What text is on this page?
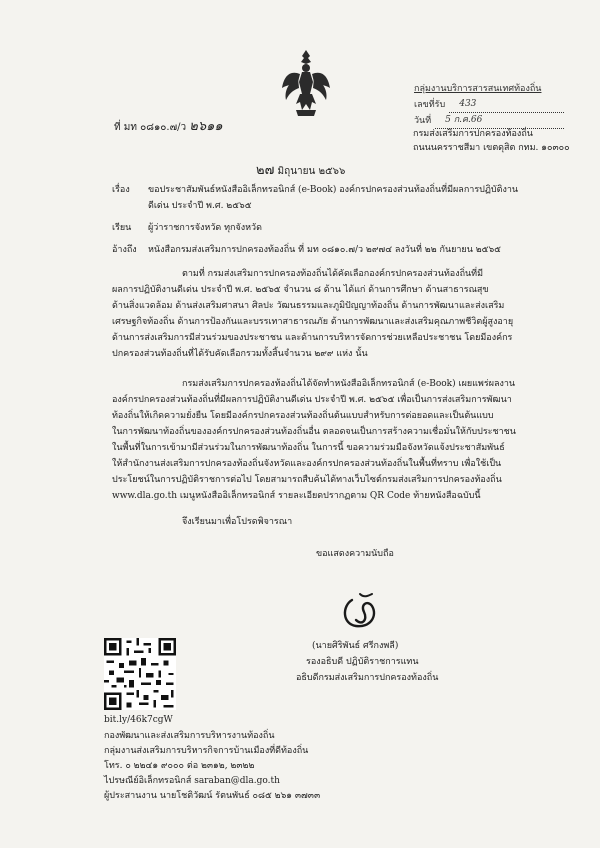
กลุ่มงานบริการสารสนเทศท้องถิ่น
เลขที่รับ	433
วันที่	5 ก.ค.66
ที่ มท ๐๘๑๐.๗/ว ๒๖๑๑	กรมส่งเสริมการปกครองท้องถิ่น
ถนนนครราชสีมา เขตดุสิต กทม. ๑๐๓๐๐
๒๗ มิถุนายน ๒๕๖๖
เรื่อง ขอประชาสัมพันธ์หนังสืออิเล็กทรอนิกส์ (e-Book) องค์กรปกครองส่วนท้องถิ่นที่มีผลการปฏิบัติงาน
ดีเด่น ประจำปี พ.ศ. ๒๕๖๕
เรียน ผู้ว่าราชการจังหวัด ทุกจังหวัด
อ้างถึง หนังสือกรมส่งเสริมการปกครองท้องถิ่น ที่ มท ๐๘๑๐.๗/ว ๒๙๗๔ ลงวันที่ ๒๒ กันยายน ๒๕๖๕
ตามที่ กรมส่งเสริมการปกครองท้องถิ่นได้คัดเลือกองค์กรปกครองส่วนท้องถิ่นที่มี
ผลการปฏิบัติงานดีเด่น ประจำปี พ.ศ. ๒๕๖๕ จำนวน ๘ ด้าน ได้แก่ ด้านการศึกษา ด้านสาธารณสุข
ด้านสิ่งแวดล้อม ด้านส่งเสริมศาสนา ศิลปะ วัฒนธรรมและภูมิปัญญาท้องถิ่น ด้านการพัฒนาและส่งเสริม
เศรษฐกิจท้องถิ่น ด้านการป้องกันและบรรเทาสาธารณภัย ด้านการพัฒนาและส่งเสริมคุณภาพชีวิตผู้สูงอายุ
ด้านการส่งเสริมการมีส่วนร่วมของประชาชน และด้านการบริหารจัดการช่วยเหลือประชาชน โดยมีองค์กร
ปกครองส่วนท้องถิ่นที่ได้รับคัดเลือกรวมทั้งสิ้นจำนวน ๒๙๙ แห่ง นั้น
กรมส่งเสริมการปกครองท้องถิ่นได้จัดทำหนังสืออิเล็กทรอนิกส์ (e-Book) เผยแพร่ผลงาน
องค์กรปกครองส่วนท้องถิ่นที่มีผลการปฏิบัติงานดีเด่น ประจำปี พ.ศ. ๒๕๖๕ เพื่อเป็นการส่งเสริมการพัฒนา
ท้องถิ่นให้เกิดความยั่งยืน โดยมีองค์กรปกครองส่วนท้องถิ่นต้นแบบสำหรับการต่อยอดและเป็นต้นแบบ
ในการพัฒนาท้องถิ่นขององค์กรปกครองส่วนท้องถิ่นอื่น ตลอดจนเป็นการสร้างความเชื่อมั่นให้กับประชาชน
ในพื้นที่ในการเข้ามามีส่วนร่วมในการพัฒนาท้องถิ่น ในการนี้ ขอความร่วมมือจังหวัดแจ้งประชาสัมพันธ์
ให้สำนักงานส่งเสริมการปกครองท้องถิ่นจังหวัดและองค์กรปกครองส่วนท้องถิ่นในพื้นที่ทราบ เพื่อใช้เป็น
ประโยชน์ในการปฏิบัติราชการต่อไป โดยสามารถสืบค้นได้ทางเว็บไซต์กรมส่งเสริมการปกครองท้องถิ่น
www.dla.go.th เมนูหนังสืออิเล็กทรอนิกส์ รายละเอียดปรากฏตาม QR Code ท้ายหนังสือฉบับนี้
จึงเรียนมาเพื่อโปรดพิจารณา
ขอแสดงความนับถือ
(นายศิริพันธ์ ศรีกงพลี)
รองอธิบดี ปฏิบัติราชการแทน
อธิบดีกรมส่งเสริมการปกครองท้องถิ่น
bit.ly/46k7cgW
กองพัฒนาและส่งเสริมการบริหารงานท้องถิ่น
กลุ่มงานส่งเสริมการบริหารกิจการบ้านเมืองที่ดีท้องถิ่น
โทร. ๐ ๒๒๔๑ ๙๐๐๐ ต่อ ๒๓๑๒, ๒๓๒๒
ไปรษณีย์อิเล็กทรอนิกส์ saraban@dla.go.th
ผู้ประสานงาน นายโชติวัฒน์ รัตนพันธ์ ๐๘๕ ๒๖๑ ๓๗๓๓
